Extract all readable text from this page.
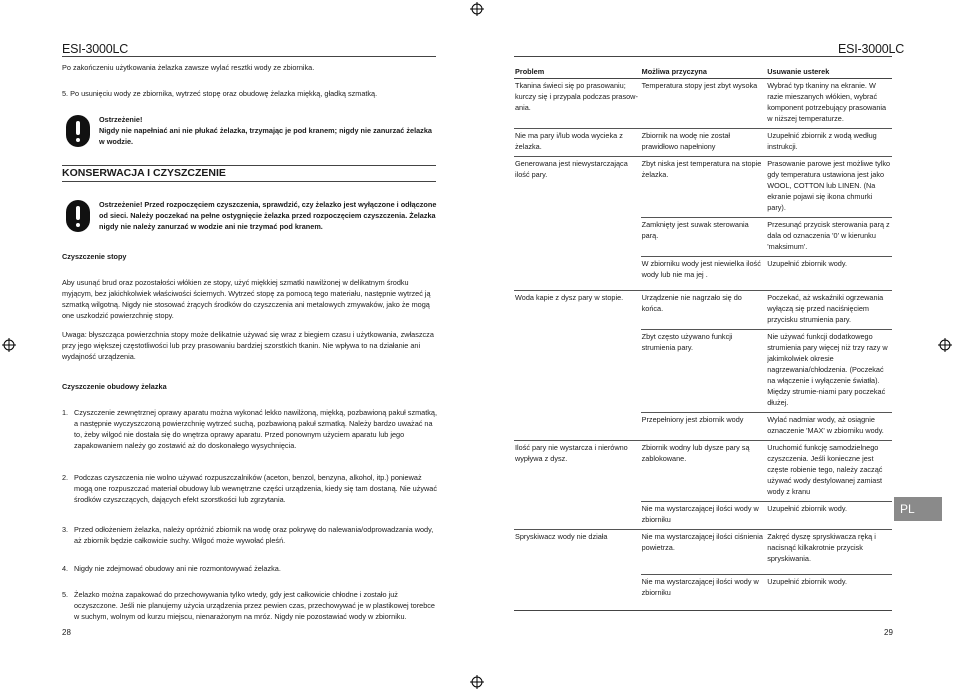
ESI-3000LC
Po zakończeniu użytkowania żelazka zawsze wylać resztki wody ze zbiornika.
5. Po usunięciu wody ze zbiornika, wytrzeć stopę oraz obudowę żelazka miękką, gładką szmatką.
Ostrzeżenie!
Nigdy nie napełniać ani nie płukać żelazka, trzymając je pod kranem; nigdy nie zanurzać żelazka w wodzie.
KONSERWACJA I CZYSZCZENIE
Ostrzeżenie! Przed rozpoczęciem czyszczenia, sprawdzić, czy żelazko jest wyłączone i odłączone od sieci. Należy poczekać na pełne ostygnięcie żelazka przed rozpoczęciem czyszczenia. Żelazka nigdy nie należy zanurzać w wodzie ani nie trzymać pod kranem.
Czyszczenie stopy
Aby usunąć brud oraz pozostałości włókien ze stopy, użyć miękkiej szmatki nawilżonej w delikatnym środku myjącym, bez jakichkolwiek właściwości ściernych. Wytrzeć stopę za pomocą tego materiału, następnie wytrzeć ją szmatką wilgotną. Nigdy nie stosować żrących środków do czyszczenia ani metalowych zmywaków, jako że mogą one uszkodzić powierzchnię stopy.
Uwaga: błyszcząca powierzchnia stopy może delikatnie używać się wraz z biegiem czasu i użytkowania, zwłaszcza przy jego większej częstotliwości lub przy prasowaniu bardziej szorstkich tkanin. Nie wpływa to na działanie ani wydajność urządzenia.
Czyszczenie obudowy żelazka
1. Czyszczenie zewnętrznej oprawy aparatu można wykonać lekko nawilżoną, miękką, pozbawioną pakuł szmatką, a następnie wyczyszczoną powierzchnię wytrzeć suchą, pozbawioną pakuł szmatką. Należy bardzo uważać na to, żeby wilgoć nie dostała się do wnętrza oprawy aparatu. Przed ponownym użyciem aparatu lub jego zapakowaniem należy go zostawić aż do doskonałego wysychnięcia.
2. Podczas czyszczenia nie wolno używać rozpuszczalników (aceton, benzol, benzyna, alkohol, itp.) ponieważ mogą one rozpuszczać materiał obudowy lub wewnętrzne części urządzenia, kiedy się tam dostaną. Nie używać środków czyszczących, dających efekt szorstkości lub zgrzytania.
3. Przed odłożeniem żelazka, należy opróżnić zbiornik na wodę oraz pokrywę do nalewania/odprowadzania wody, aż zbiornik będzie całkowicie suchy. Wilgoć może wywołać pleśń.
4. Nigdy nie zdejmować obudowy ani nie rozmontowywać żelazka.
5. Żelazko można zapakować do przechowywania tylko wtedy, gdy jest całkowicie chłodne i zostało już oczyszczone. Jeśli nie planujemy użycia urządzenia przez pewien czas, przechowywać je w plastikowej torebce w suchym, wolnym od kurzu miejscu, nienarażonym na mróz. Nigdy nie pozostawiać wody w zbiorniku.
28
ESI-3000LC
Problem	Możliwa przyczyna	Usuwanie usterek
Tkanina świeci się po prasowaniu; kurczy się i przypala podczas prasow-ania.	Temperatura stopy jest zbyt wysoka	Wybrać typ tkaniny na ekranie. W razie mieszanych włókien, wybrać komponent potrzebujący prasowania w niższej temperaturze.
Nie ma pary i/lub woda wycieka z żelazka.	Zbiornik na wodę nie został prawidłowo napełniony	Uzupełnić zbiornik z wodą według instrukcji.
Generowana jest niewystarczająca ilość pary.	Zbyt niska jest temperatura na stopie żelazka.	Prasowanie parowe jest możliwe tylko gdy temperatura ustawiona jest jako WOOL, COTTON lub LINEN. (Na ekranie pojawi się ikona chmurki pary).
	Zamknięty jest suwak sterowania parą.	Przesunąć przycisk sterowania parą z dala od oznaczenia '0' w kierunku 'maksimum'.
	W zbiorniku wody jest niewielka ilość wody lub nie ma jej .	Uzupełnić zbiornik wody.
Woda kapie z dysz pary w stopie.	Urządzenie nie nagrzało się do końca.	Poczekać, aż wskaźniki ogrzewania wyłączą się przed naciśnięciem przycisku strumienia pary.
	Zbyt często używano funkcji strumienia pary.	Nie używać funkcji dodatkowego strumienia pary więcej niż trzy razy w jakimkolwiek okresie nagrzewania/chłodzenia. (Poczekać na włączenie i wyłączenie światła). Między strumie-niami pary poczekać dłużej.
	Przepełniony jest zbiornik wody	Wylać nadmiar wody, aż osiągnie oznaczenie 'MAX' w zbiorniku wody.
Ilość pary nie wystarcza i nierówno wypływa z dysz.	Zbiornik wodny lub dysze pary są zablokowane.	Uruchomić funkcję samodzielnego czyszczenia. Jeśli konieczne jest częste robienie tego, należy zacząć używać wody destylowanej zamiast wody z kranu
	Nie ma wystarczającej ilości wody w zbiorniku	Uzupełnić zbiornik wody.
Spryskiwacz wody nie działa	Nie ma wystarczającej ilości ciśnienia powietrza.	Zakręć dyszę spryskiwacza ręką i nacisnąć kilkakrotnie przycisk spryskiwania.
	Nie ma wystarczającej ilości wody w zbiorniku	Uzupełnić zbiornik wody.
PL
29
